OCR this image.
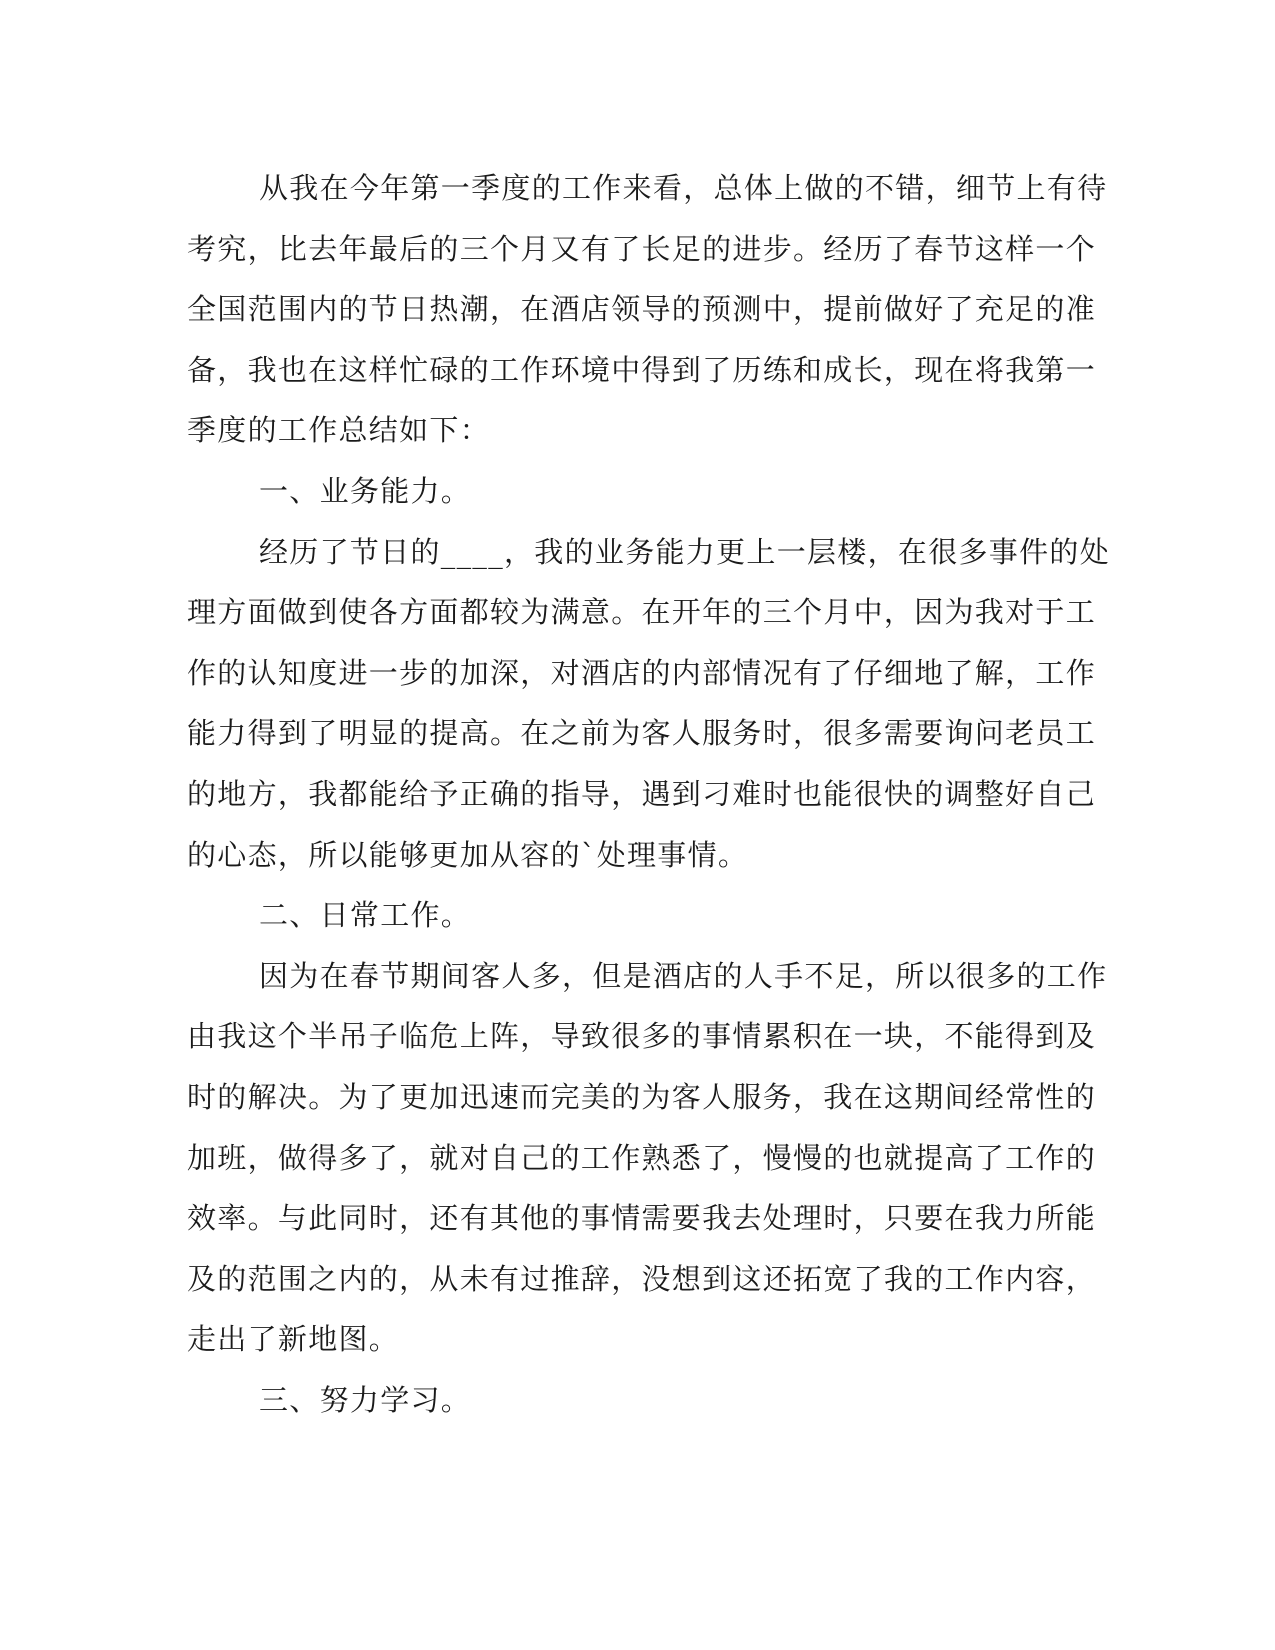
从我在今年第一季度的工作来看，总体上做的不错，细节上有待
考究，比去年最后的三个月又有了长足的进步。经历了春节这样一个
全国范围内的节日热潮，在酒店领导的预测中，提前做好了充足的准
备，我也在这样忙碌的工作环境中得到了历练和成长，现在将我第一
季度的工作总结如下：
一、业务能力。
经历了节日的____，我的业务能力更上一层楼，在很多事件的处
理方面做到使各方面都较为满意。在开年的三个月中，因为我对于工
作的认知度进一步的加深，对酒店的内部情况有了仔细地了解，工作
能力得到了明显的提高。在之前为客人服务时，很多需要询问老员工
的地方，我都能给予正确的指导，遇到刁难时也能很快的调整好自己
的心态，所以能够更加从容的`处理事情。
二、日常工作。
因为在春节期间客人多，但是酒店的人手不足，所以很多的工作
由我这个半吊子临危上阵，导致很多的事情累积在一块，不能得到及
时的解决。为了更加迅速而完美的为客人服务，我在这期间经常性的
加班，做得多了，就对自己的工作熟悉了，慢慢的也就提高了工作的
效率。与此同时，还有其他的事情需要我去处理时，只要在我力所能
及的范围之内的，从未有过推辞，没想到这还拓宽了我的工作内容，
走出了新地图。
三、努力学习。
